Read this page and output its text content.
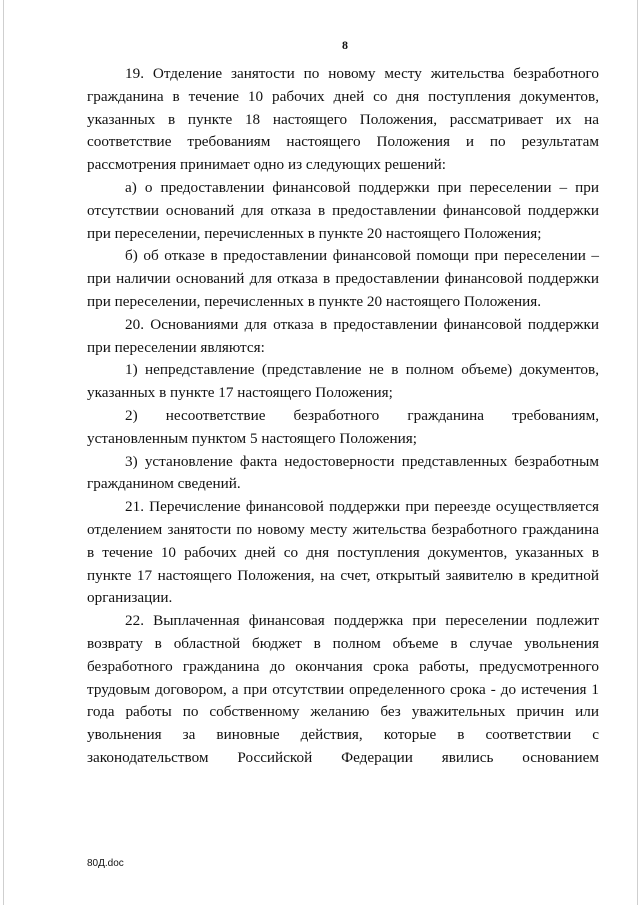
8

19. Отделение занятости по новому месту жительства безработного гражданина в течение 10 рабочих дней со дня поступления документов, указанных в пункте 18 настоящего Положения, рассматривает их на соответствие требованиям настоящего Положения и по результатам рассмотрения принимает одно из следующих решений:

а) о предоставлении финансовой поддержки при переселении – при отсутствии оснований для отказа в предоставлении финансовой поддержки при переселении, перечисленных в пункте 20 настоящего Положения;

б) об отказе в предоставлении финансовой помощи при переселении – при наличии оснований для отказа в предоставлении финансовой поддержки при переселении, перечисленных в пункте 20 настоящего Положения.

20. Основаниями для отказа в предоставлении финансовой поддержки при переселении являются:

1) непредставление (представление не в полном объеме) документов, указанных в пункте 17 настоящего Положения;

2) несоответствие безработного гражданина требованиям, установленным пунктом 5 настоящего Положения;

3) установление факта недостоверности представленных безработным гражданином сведений.

21. Перечисление финансовой поддержки при переезде осуществляется отделением занятости по новому месту жительства безработного гражданина в течение 10 рабочих дней со дня поступления документов, указанных в пункте 17 настоящего Положения, на счет, открытый заявителю в кредитной организации.

22. Выплаченная финансовая поддержка при переселении подлежит возврату в областной бюджет в полном объеме в случае увольнения безработного гражданина до окончания срока работы, предусмотренного трудовым договором, а при отсутствии определенного срока - до истечения 1 года работы по собственному желанию без уважительных причин или увольнения за виновные действия, которые в соответствии с законодательством Российской Федерации явились основанием

80Д.doc
